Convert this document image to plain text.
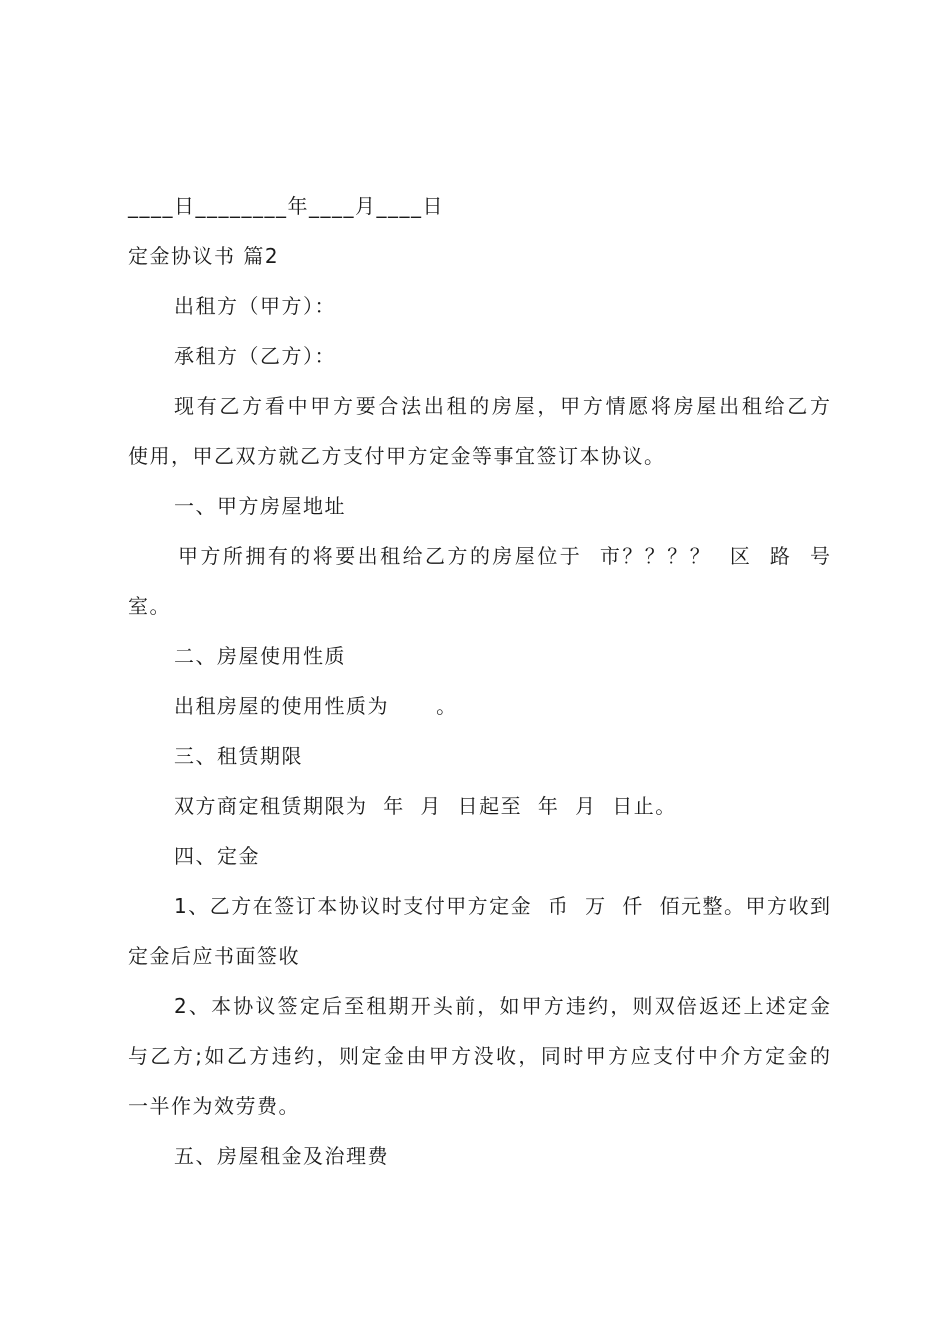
____日________年____月____日
定金协议书 篇2
出租方（甲方）：
承租方（乙方）：
现有乙方看中甲方要合法出租的房屋，甲方情愿将房屋出租给乙方
使用，甲乙双方就乙方支付甲方定金等事宜签订本协议。
一、甲方房屋地址
甲方所拥有的将要出租给乙方的房屋位于  市？？？？  区  路  号
室。
二、房屋使用性质
出租房屋的使用性质为      。
三、租赁期限
双方商定租赁期限为  年  月  日起至  年  月  日止。
四、定金
1、乙方在签订本协议时支付甲方定金  币  万  仟  佰元整。甲方收到
定金后应书面签收
2、本协议签定后至租期开头前，如甲方违约，则双倍返还上述定金
与乙方;如乙方违约，则定金由甲方没收，同时甲方应支付中介方定金的
一半作为效劳费。
五、房屋租金及治理费
